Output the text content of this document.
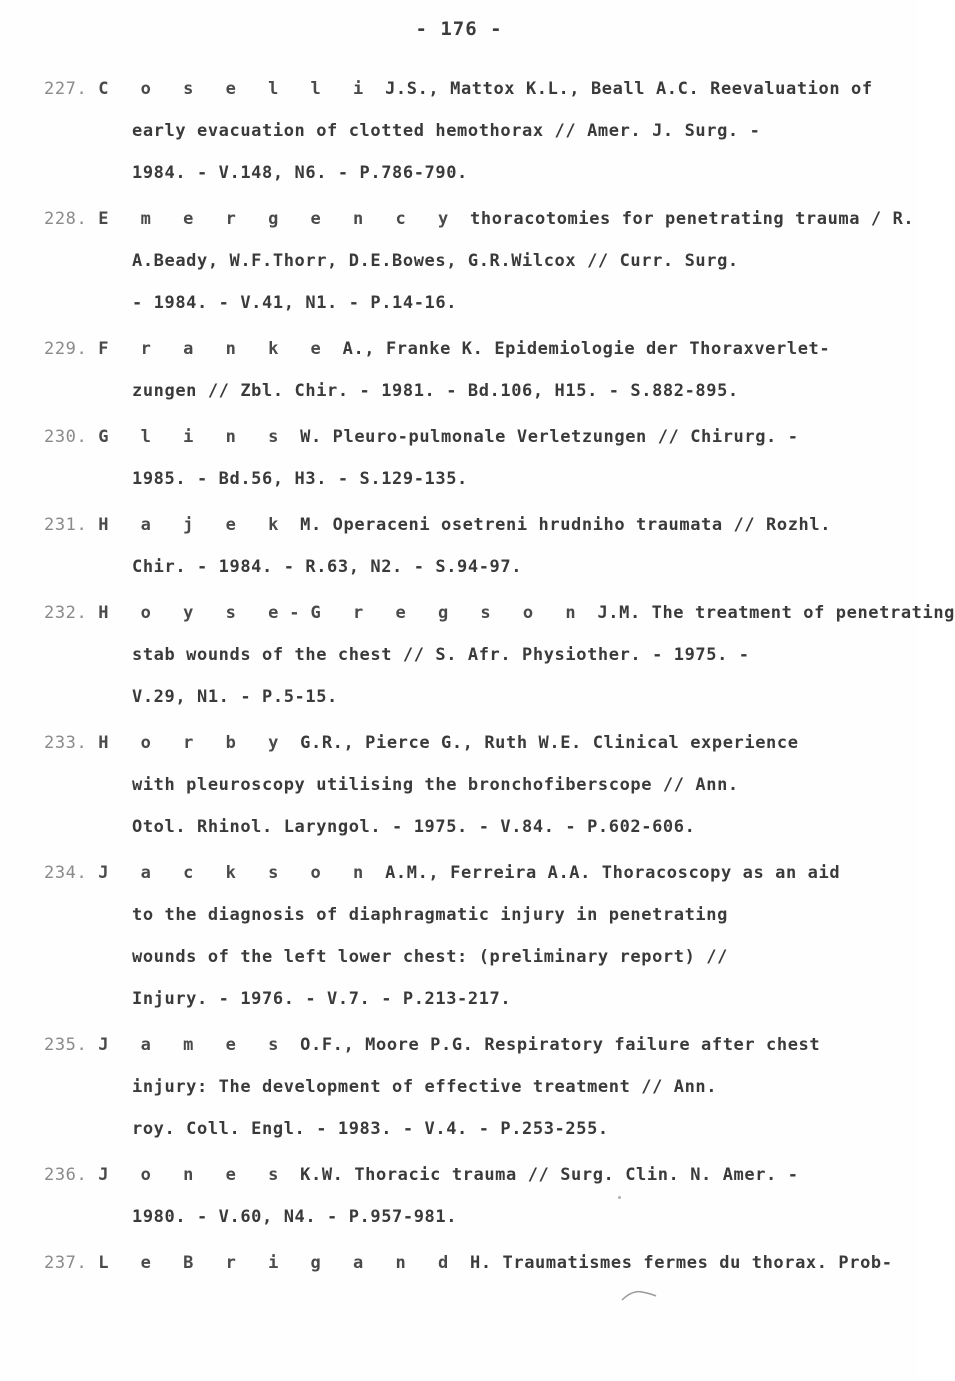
- 176 -
227. C o s e l l i J.S., Mattox K.L., Beall A.C. Reevaluation of
early evacuation of clotted hemothorax // Amer. J. Surg. -
1984. - V.148, N6. - P.786-790.
228. E m e r g e n c y thoracotomies for penetrating trauma / R.
A.Beady, W.F.Thorr, D.E.Bowes, G.R.Wilcox // Curr. Surg.
- 1984. - V.41, N1. - P.14-16.
229. F r a n k e A., Franke K. Epidemiologie der Thoraxverlet-
zungen // Zbl. Chir. - 1981. - Bd.106, H15. - S.882-895.
230. G l i n s W. Pleuro-pulmonale Verletzungen // Chirurg. -
1985. - Bd.56, H3. - S.129-135.
231. H a j e k M. Operaceni osetreni hrudniho traumata // Rozhl.
Chir. - 1984. - R.63, N2. - S.94-97.
232. H o y s e-G r e g s o n J.M. The treatment of penetrating
stab wounds of the chest // S. Afr. Physiother. - 1975. -
V.29, N1. - P.5-15.
233. H o r b y G.R., Pierce G., Ruth W.E. Clinical experience
with pleuroscopy utilising the bronchofiberscope // Ann.
Otol. Rhinol. Laryngol. - 1975. - V.84. - P.602-606.
234. J a c k s o n A.M., Ferreira A.A. Thoracoscopy as an aid
to the diagnosis of diaphragmatic injury in penetrating
wounds of the left lower chest: (preliminary report) //
Injury. - 1976. - V.7. - P.213-217.
235. J a m e s O.F., Moore P.G. Respiratory failure after chest
injury: The development of effective treatment // Ann.
roy. Coll. Engl. - 1983. - V.4. - P.253-255.
236. J o n e s K.W. Thoracic trauma // Surg. Clin. N. Amer. -
1980. - V.60, N4. - P.957-981.
237. L e B r i g a n d H. Traumatismes fermes du thorax. Prob-
